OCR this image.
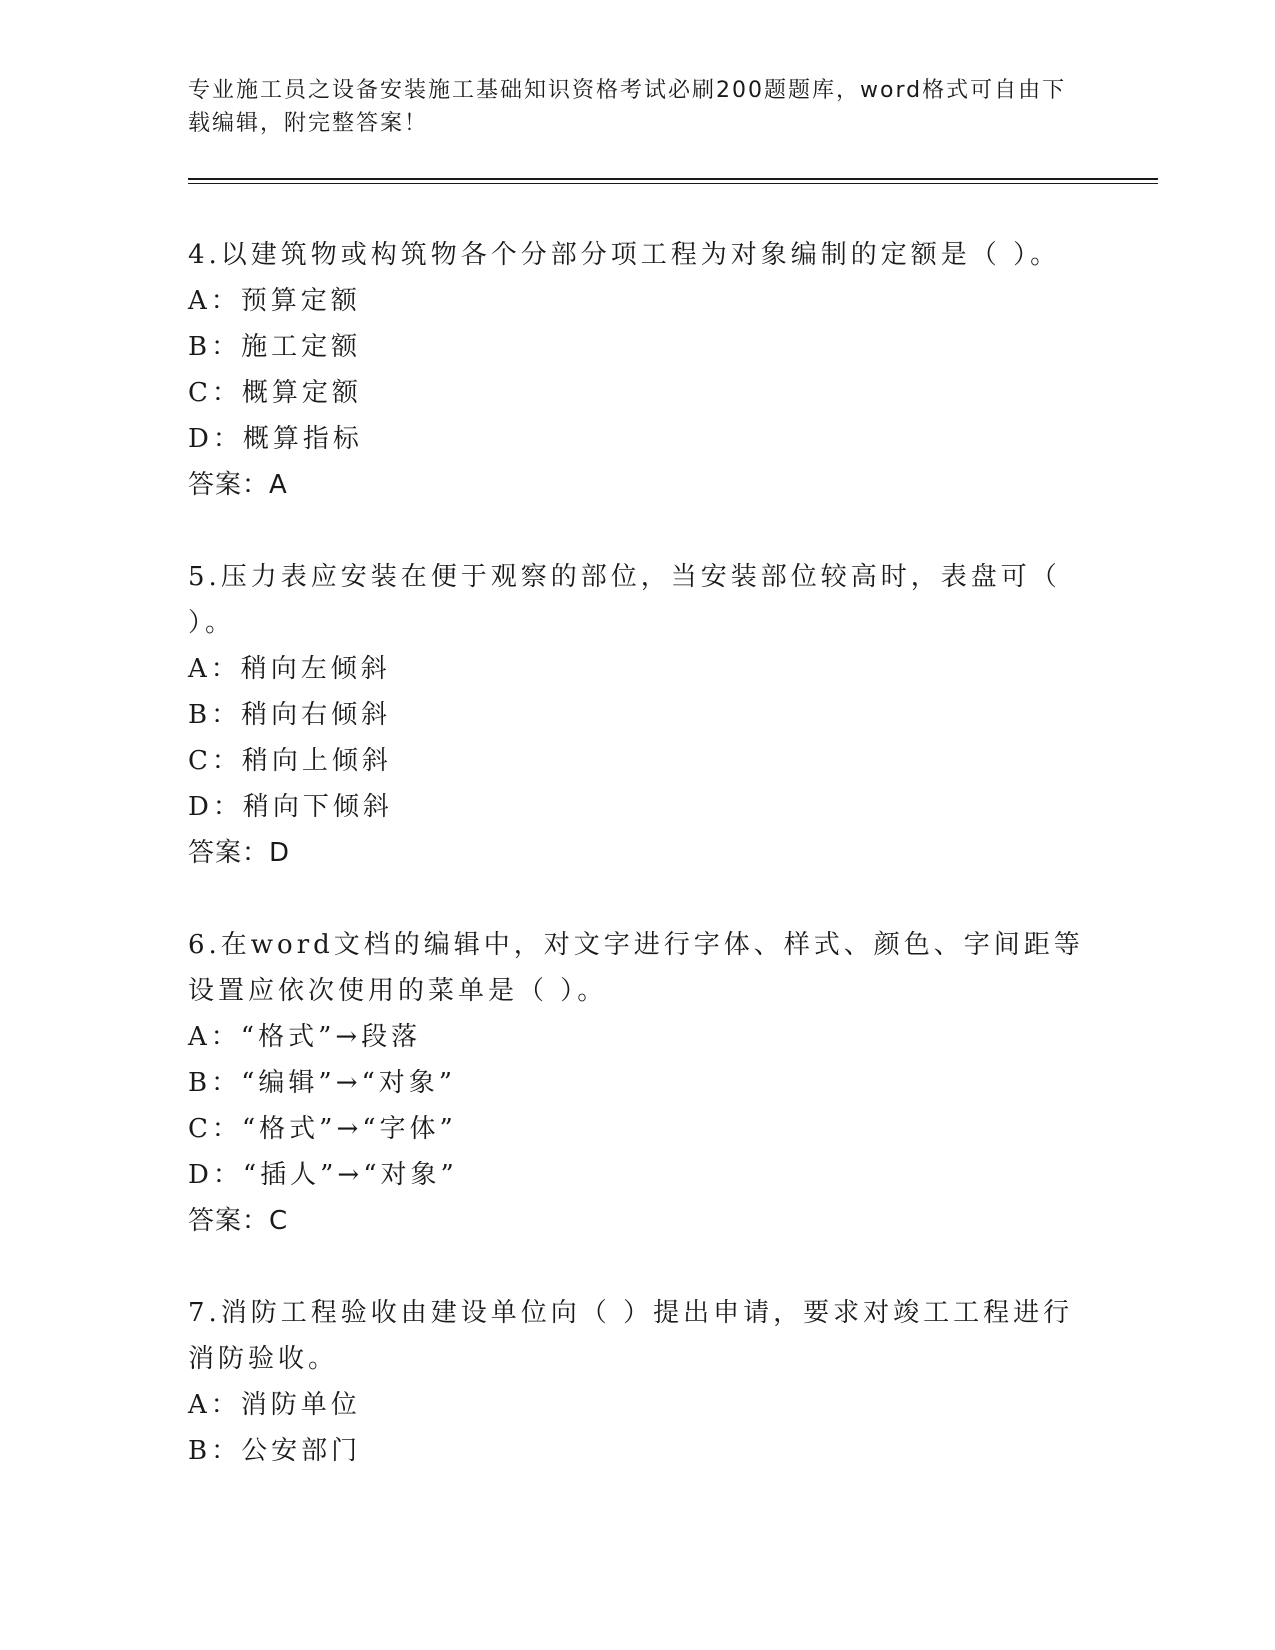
专业施工员之设备安装施工基础知识资格考试必刷200题题库，word格式可自由下载编辑，附完整答案！

4.以建筑物或构筑物各个分部分项工程为对象编制的定额是（ ）。

A：预算定额

B：施工定额

C：概算定额

D：概算指标

答案：A

5.压力表应安装在便于观察的部位，当安装部位较高时，表盘可（ ）。

A：稍向左倾斜

B：稍向右倾斜

C：稍向上倾斜

D：稍向下倾斜

答案：D

6.在word文档的编辑中，对文字进行字体、样式、颜色、字间距等设置应依次使用的菜单是（ ）。

A：“格式”→段落

B：“编辑”→“对象”

C：“格式”→“字体”

D：“插人”→“对象”

答案：C

7.消防工程验收由建设单位向（ ）提出申请，要求对竣工工程进行消防验收。

A：消防单位

B：公安部门
